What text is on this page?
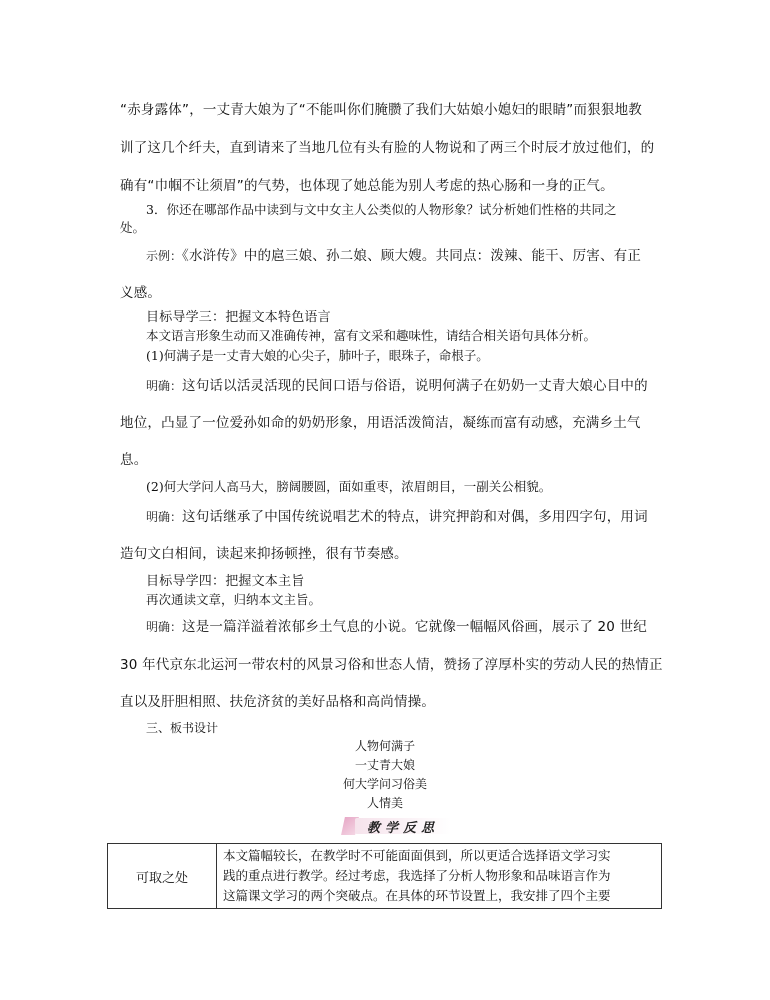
“赤身露体”，一丈青大娘为了“不能叫你们腌臜了我们大姑娘小媳妇的眼睛”而狠狠地教
训了这几个纤夫，直到请来了当地几位有头有脸的人物说和了两三个时辰才放过他们，的
确有“巾帼不让须眉”的气势，也体现了她总能为别人考虑的热心肠和一身的正气。
3．你还在哪部作品中读到与文中女主人公类似的人物形象？试分析她们性格的共同之
处。
示例：《水浒传》中的扈三娘、孙二娘、顾大嫂。共同点：泼辣、能干、厉害、有正
义感。
目标导学三：把握文本特色语言
本文语言形象生动而又准确传神，富有文采和趣味性，请结合相关语句具体分析。
(1)何满子是一丈青大娘的心尖子，肺叶子，眼珠子，命根子。
明确：这句话以活灵活现的民间口语与俗语，说明何满子在奶奶一丈青大娘心目中的
地位，凸显了一位爱孙如命的奶奶形象，用语活泼简洁，凝练而富有动感，充满乡土气
息。
(2)何大学问人高马大，膀阔腰圆，面如重枣，浓眉朗目，一副关公相貌。
明确：这句话继承了中国传统说唱艺术的特点，讲究押韵和对偶，多用四字句，用词
造句文白相间，读起来抑扬顿挫，很有节奏感。
目标导学四：把握文本主旨
再次通读文章，归纳本文主旨。
明确：这是一篇洋溢着浓郁乡土气息的小说。它就像一幅幅风俗画，展示了 20 世纪
30 年代京东北运河一带农村的风景习俗和世态人情，赞扬了淳厚朴实的劳动人民的热情正
直以及肝胆相照、扶危济贫的美好品格和高尚情操。
三、板书设计
人物何满子
一丈青大娘
何大学问习俗美
人情美
教学反思
可取之处	
本文篇幅较长，在教学时不可能面面俱到，所以更适合选择语文学习实
践的重点进行教学。经过考虑，我选择了分析人物形象和品味语言作为
这篇课文学习的两个突破点。在具体的环节设置上，我安排了四个主要
